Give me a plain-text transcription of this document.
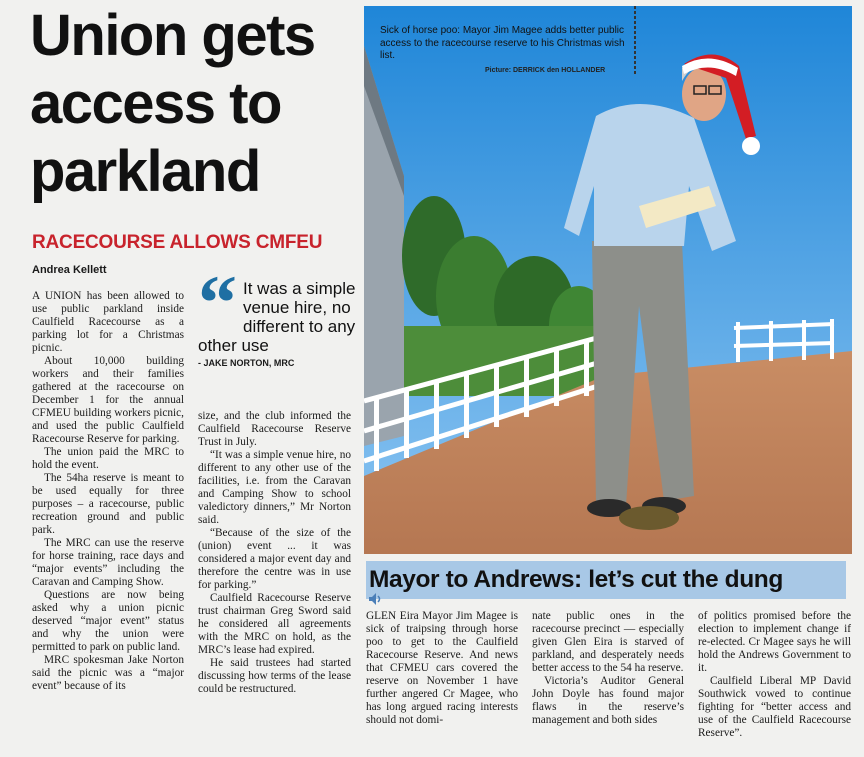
Union gets access to parkland
RACECOURSE ALLOWS CMFEU
Andrea Kellett

A UNION has been allowed to use public parkland inside Caulfield Racecourse as a parking lot for a Christmas picnic.

About 10,000 building workers and their families gathered at the racecourse on December 1 for the annual CFMEU building workers picnic, and used the public Caulfield Racecourse Reserve for parking.

The union paid the MRC to hold the event.

The 54ha reserve is meant to be used equally for three purposes – a racecourse, public recreation ground and public park.

The MRC can use the reserve for horse training, race days and “major events” including the Caravan and Camping Show.

Questions are now being asked why a union picnic deserved “major event” status and why the union were permitted to park on public land.

MRC spokesman Jake Norton said the picnic was a “major event” because of its

“ It was a simple venue hire, no different to any other use
- JAKE NORTON, MRC

size, and the club informed the Caulfield Racecourse Reserve Trust in July.

“It was a simple venue hire, no different to any other use of the facilities, i.e. from the Caravan and Camping Show to school valedictory dinners,” Mr Norton said.

“Because of the size of the (union) event ... it was considered a major event day and therefore the centre was in use for parking.”

Caulfield Racecourse Reserve trust chairman Greg Sword said he considered all agreements with the MRC on hold, as the MRC’s lease had expired.

He said trustees had started discussing how terms of the lease could be restructured.

Sick of horse poo: Mayor Jim Magee adds better public access to the racecourse reserve to his Christmas wish list.
Picture: DERRICK den HOLLANDER
Mayor to Andrews: let’s cut the dung

GLEN Eira Mayor Jim Magee is sick of traipsing through horse poo to get to the Caulfield Racecourse Reserve. And news that CFMEU cars covered the reserve on November 1 have further angered Cr Magee, who has long argued racing interests should not domi-

nate public ones in the racecourse precinct — especially given Glen Eira is starved of parkland, and desperately needs better access to the 54 ha reserve.

Victoria’s Auditor General John Doyle has found major flaws in the reserve’s management and both sides

of politics promised before the election to implement change if re-elected. Cr Magee says he will hold the Andrews Government to it.

Caulfield Liberal MP David Southwick vowed to continue fighting for “better access and use of the Caulfield Racecourse Reserve”.
